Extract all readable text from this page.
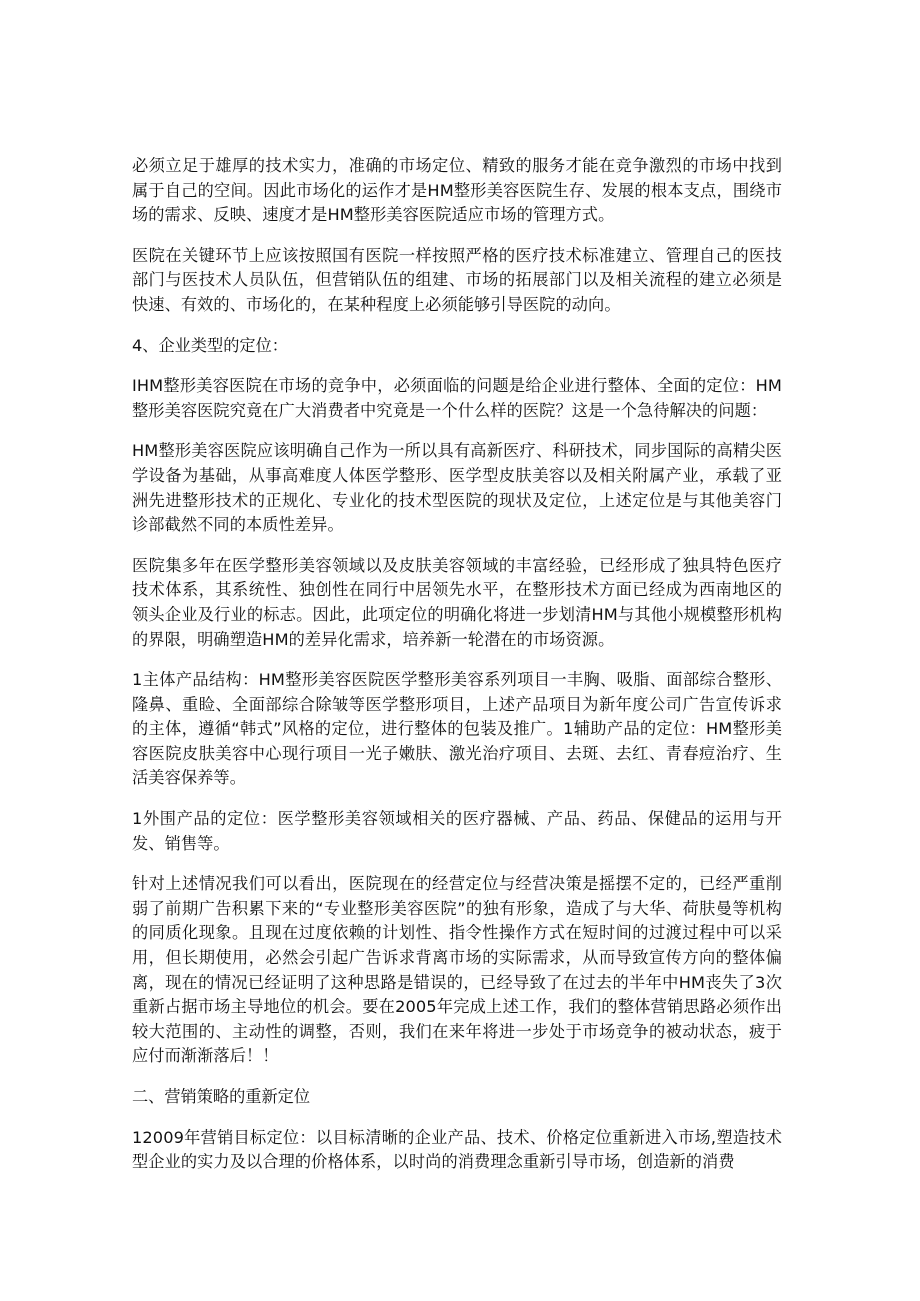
必须立足于雄厚的技术实力，准确的市场定位、精致的服务才能在竞争激烈的市场中找到属于自己的空间。因此市场化的运作才是HM整形美容医院生存、发展的根本支点，围绕市场的需求、反映、速度才是HM整形美容医院适应市场的管理方式。

医院在关键环节上应该按照国有医院一样按照严格的医疗技术标准建立、管理自己的医技部门与医技术人员队伍，但营销队伍的组建、市场的拓展部门以及相关流程的建立必须是快速、有效的、市场化的，在某种程度上必须能够引导医院的动向。

4、企业类型的定位：

IHM整形美容医院在市场的竞争中，必须面临的问题是给企业进行整体、全面的定位：HM整形美容医院究竟在广大消费者中究竟是一个什么样的医院？这是一个急待解决的问题：

HM整形美容医院应该明确自己作为一所以具有高新医疗、科研技术，同步国际的高精尖医学设备为基础，从事高难度人体医学整形、医学型皮肤美容以及相关附属产业，承载了亚洲先进整形技术的正规化、专业化的技术型医院的现状及定位，上述定位是与其他美容门诊部截然不同的本质性差异。

医院集多年在医学整形美容领域以及皮肤美容领域的丰富经验，已经形成了独具特色医疗技术体系，其系统性、独创性在同行中居领先水平，在整形技术方面已经成为西南地区的领头企业及行业的标志。因此，此项定位的明确化将进一步划清HM与其他小规模整形机构的界限，明确塑造HM的差异化需求，培养新一轮潜在的市场资源。

1主体产品结构：HM整形美容医院医学整形美容系列项目一丰胸、吸脂、面部综合整形、隆鼻、重睑、全面部综合除皱等医学整形项目，上述产品项目为新年度公司广告宣传诉求的主体，遵循“韩式”风格的定位，进行整体的包装及推广。1辅助产品的定位：HM整形美容医院皮肤美容中心现行项目一光子嫩肤、激光治疗项目、去斑、去红、青春痘治疗、生活美容保养等。

1外围产品的定位：医学整形美容领域相关的医疗器械、产品、药品、保健品的运用与开发、销售等。

针对上述情况我们可以看出，医院现在的经营定位与经营决策是摇摆不定的，已经严重削弱了前期广告积累下来的“专业整形美容医院”的独有形象，造成了与大华、荷肤曼等机构的同质化现象。且现在过度依赖的计划性、指令性操作方式在短时间的过渡过程中可以采用，但长期使用，必然会引起广告诉求背离市场的实际需求，从而导致宣传方向的整体偏离，现在的情况已经证明了这种思路是错误的，已经导致了在过去的半年中HM丧失了3次重新占据市场主导地位的机会。要在2005年完成上述工作，我们的整体营销思路必须作出较大范围的、主动性的调整，否则，我们在来年将进一步处于市场竞争的被动状态，疲于应付而渐渐落后！！

二、营销策略的重新定位

12009年营销目标定位：以目标清晰的企业产品、技术、价格定位重新进入市场,塑造技术型企业的实力及以合理的价格体系，以时尚的消费理念重新引导市场，创造新的消费
